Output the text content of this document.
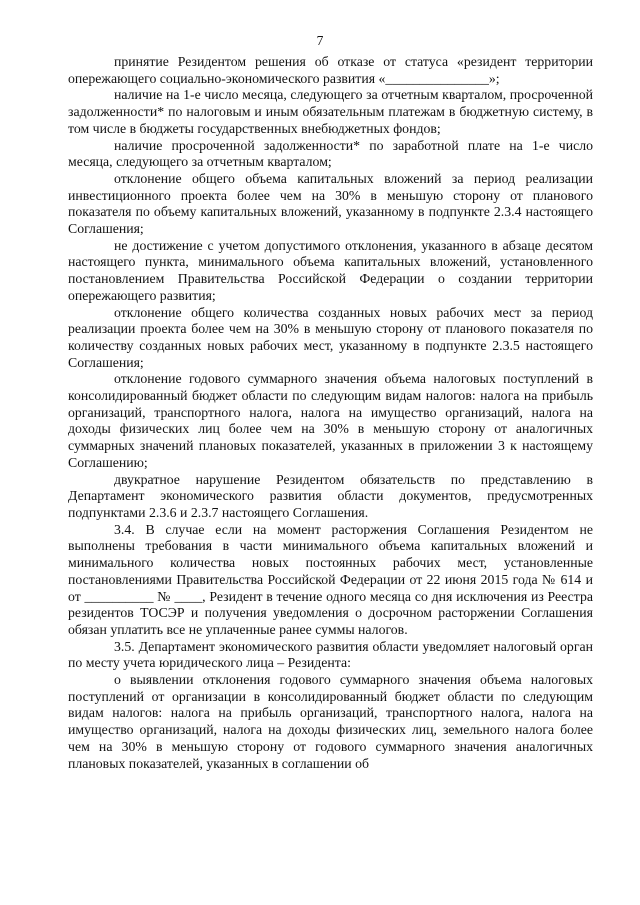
7

принятие Резидентом решения об отказе от статуса «резидент территории опережающего социально-экономического развития «_______________»;

наличие на 1-е число месяца, следующего за отчетным кварталом, просроченной задолженности* по налоговым и иным обязательным платежам в бюджетную систему, в том числе в бюджеты государственных внебюджетных фондов;

наличие просроченной задолженности* по заработной плате на 1-е число месяца, следующего за отчетным кварталом;

отклонение общего объема капитальных вложений за период реализации инвестиционного проекта более чем на 30% в меньшую сторону от планового показателя по объему капитальных вложений, указанному в подпункте 2.3.4 настоящего Соглашения;

не достижение с учетом допустимого отклонения, указанного в абзаце десятом настоящего пункта, минимального объема капитальных вложений, установленного постановлением Правительства Российской Федерации о создании территории опережающего развития;

отклонение общего количества созданных новых рабочих мест за период реализации проекта более чем на 30% в меньшую сторону от планового показателя по количеству созданных новых рабочих мест, указанному в подпункте 2.3.5 настоящего Соглашения;

отклонение годового суммарного значения объема налоговых поступлений в консолидированный бюджет области по следующим видам налогов: налога на прибыль организаций, транспортного налога, налога на имущество организаций, налога на доходы физических лиц более чем на 30% в меньшую сторону от аналогичных суммарных значений плановых показателей, указанных в приложении 3 к настоящему Соглашению;

двукратное нарушение Резидентом обязательств по представлению в Департамент экономического развития области документов, предусмотренных подпунктами 2.3.6 и 2.3.7 настоящего Соглашения.

3.4. В случае если на момент расторжения Соглашения Резидентом не выполнены требования в части минимального объема капитальных вложений и минимального количества новых постоянных рабочих мест, установленные постановлениями Правительства Российской Федерации от 22 июня 2015 года № 614 и от __________ № ____, Резидент в течение одного месяца со дня исключения из Реестра резидентов ТОСЭР и получения уведомления о досрочном расторжении Соглашения обязан уплатить все не уплаченные ранее суммы налогов.

3.5. Департамент экономического развития области уведомляет налоговый орган по месту учета юридического лица – Резидента:

о выявлении отклонения годового суммарного значения объема налоговых поступлений от организации в консолидированный бюджет области по следующим видам налогов: налога на прибыль организаций, транспортного налога, налога на имущество организаций, налога на доходы физических лиц, земельного налога более чем на 30% в меньшую сторону от годового суммарного значения аналогичных плановых показателей, указанных в соглашении об
